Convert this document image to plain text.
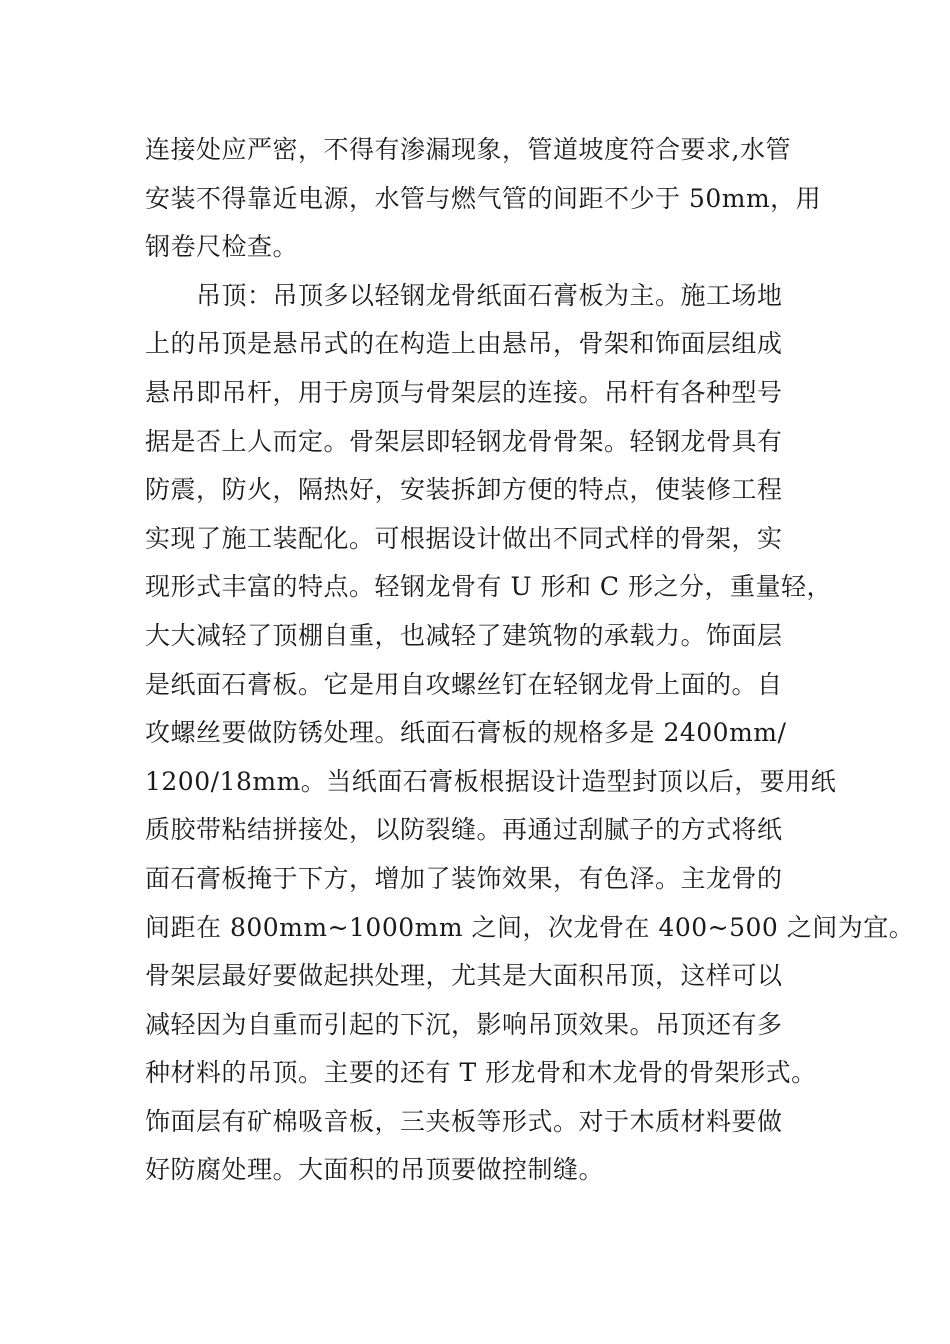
连接处应严密，不得有渗漏现象，管道坡度符合要求,水管
安装不得靠近电源，水管与燃气管的间距不少于 50mm，用
钢卷尺检查。
　　吊顶：吊顶多以轻钢龙骨纸面石膏板为主。施工场地
上的吊顶是悬吊式的在构造上由悬吊，骨架和饰面层组成
悬吊即吊杆，用于房顶与骨架层的连接。吊杆有各种型号
据是否上人而定。骨架层即轻钢龙骨骨架。轻钢龙骨具有
防震，防火，隔热好，安装拆卸方便的特点，使装修工程
实现了施工装配化。可根据设计做出不同式样的骨架，实
现形式丰富的特点。轻钢龙骨有 U 形和 C 形之分，重量轻，
大大减轻了顶棚自重，也减轻了建筑物的承载力。饰面层
是纸面石膏板。它是用自攻螺丝钉在轻钢龙骨上面的。自
攻螺丝要做防锈处理。纸面石膏板的规格多是 2400mm/
1200/18mm。当纸面石膏板根据设计造型封顶以后，要用纸
质胶带粘结拼接处，以防裂缝。再通过刮腻子的方式将纸
面石膏板掩于下方，增加了装饰效果，有色泽。主龙骨的
间距在 800mm~1000mm 之间，次龙骨在 400~500 之间为宜。
骨架层最好要做起拱处理，尤其是大面积吊顶，这样可以
减轻因为自重而引起的下沉，影响吊顶效果。吊顶还有多
种材料的吊顶。主要的还有 T 形龙骨和木龙骨的骨架形式。
饰面层有矿棉吸音板，三夹板等形式。对于木质材料要做
好防腐处理。大面积的吊顶要做控制缝。
